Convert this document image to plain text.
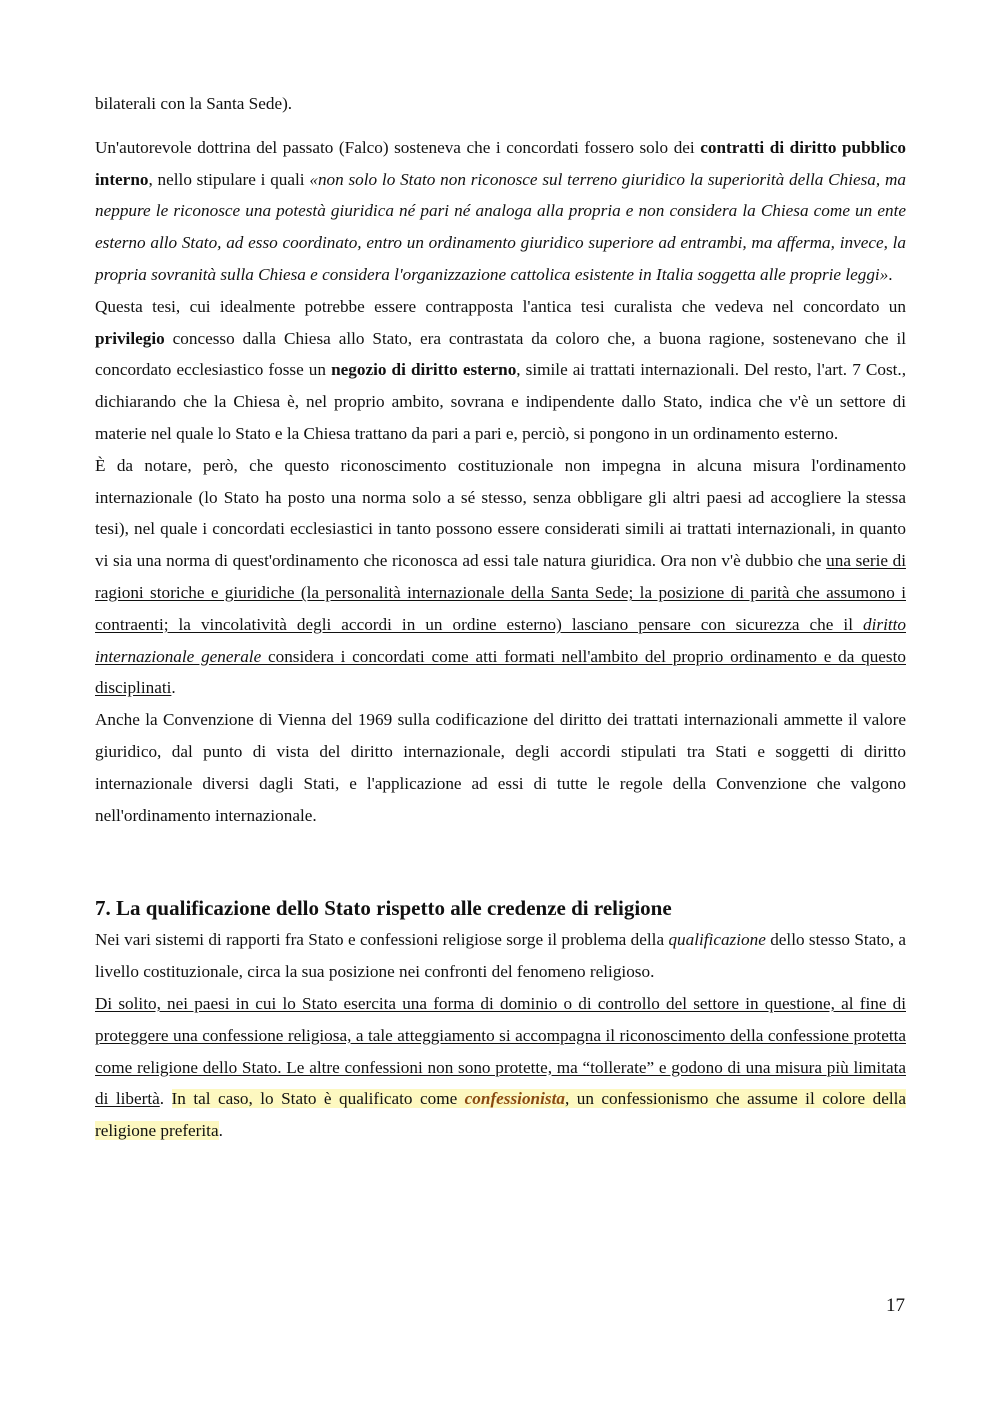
bilaterali con la Santa Sede).

Un'autorevole dottrina del passato (Falco) sosteneva che i concordati fossero solo dei contratti di diritto pubblico interno, nello stipulare i quali «non solo lo Stato non riconosce sul terreno giuridico la superiorità della Chiesa, ma neppure le riconosce una potestà giuridica né pari né analoga alla propria e non considera la Chiesa come un ente esterno allo Stato, ad esso coordinato, entro un ordinamento giuridico superiore ad entrambi, ma afferma, invece, la propria sovranità sulla Chiesa e considera l'organizzazione cattolica esistente in Italia soggetta alle proprie leggi».

Questa tesi, cui idealmente potrebbe essere contrapposta l'antica tesi curalista che vedeva nel concordato un privilegio concesso dalla Chiesa allo Stato, era contrastata da coloro che, a buona ragione, sostenevano che il concordato ecclesiastico fosse un negozio di diritto esterno, simile ai trattati internazionali. Del resto, l'art. 7 Cost., dichiarando che la Chiesa è, nel proprio ambito, sovrana e indipendente dallo Stato, indica che v'è un settore di materie nel quale lo Stato e la Chiesa trattano da pari a pari e, perciò, si pongono in un ordinamento esterno.

È da notare, però, che questo riconoscimento costituzionale non impegna in alcuna misura l'ordinamento internazionale (lo Stato ha posto una norma solo a sé stesso, senza obbligare gli altri paesi ad accogliere la stessa tesi), nel quale i concordati ecclesiastici in tanto possono essere considerati simili ai trattati internazionali, in quanto vi sia una norma di quest'ordinamento che riconosca ad essi tale natura giuridica. Ora non v'è dubbio che una serie di ragioni storiche e giuridiche (la personalità internazionale della Santa Sede; la posizione di parità che assumono i contraenti; la vincolatività degli accordi in un ordine esterno) lasciano pensare con sicurezza che il diritto internazionale generale considera i concordati come atti formati nell'ambito del proprio ordinamento e da questo disciplinati.

Anche la Convenzione di Vienna del 1969 sulla codificazione del diritto dei trattati internazionali ammette il valore giuridico, dal punto di vista del diritto internazionale, degli accordi stipulati tra Stati e soggetti di diritto internazionale diversi dagli Stati, e l'applicazione ad essi di tutte le regole della Convenzione che valgono nell'ordinamento internazionale.

7. La qualificazione dello Stato rispetto alle credenze di religione

Nei vari sistemi di rapporti fra Stato e confessioni religiose sorge il problema della qualificazione dello stesso Stato, a livello costituzionale, circa la sua posizione nei confronti del fenomeno religioso.

Di solito, nei paesi in cui lo Stato esercita una forma di dominio o di controllo del settore in questione, al fine di proteggere una confessione religiosa, a tale atteggiamento si accompagna il riconoscimento della confessione protetta come religione dello Stato. Le altre confessioni non sono protette, ma “tollerate” e godono di una misura più limitata di libertà. In tal caso, lo Stato è qualificato come confessionista, un confessionismo che assume il colore della religione preferita.

17
